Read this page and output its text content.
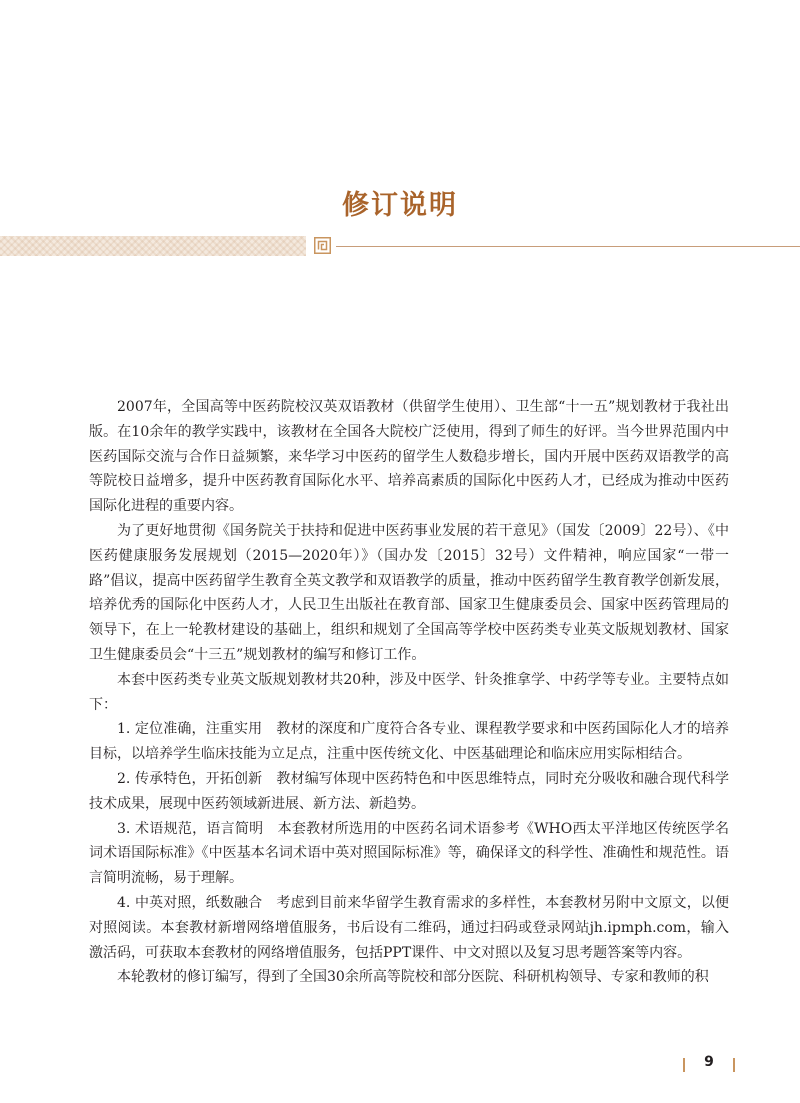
修订说明

2007年，全国高等中医药院校汉英双语教材（供留学生使用）、卫生部“十一五”规划教材于我社出版。在10余年的教学实践中，该教材在全国各大院校广泛使用，得到了师生的好评。当今世界范围内中医药国际交流与合作日益频繁，来华学习中医药的留学生人数稳步增长，国内开展中医药双语教学的高等院校日益增多，提升中医药教育国际化水平、培养高素质的国际化中医药人才，已经成为推动中医药国际化进程的重要内容。

为了更好地贯彻《国务院关于扶持和促进中医药事业发展的若干意见》（国发〔2009〕22号）、《中医药健康服务发展规划（2015—2020年）》（国办发〔2015〕32号）文件精神，响应国家“一带一路”倡议，提高中医药留学生教育全英文教学和双语教学的质量，推动中医药留学生教育教学创新发展，培养优秀的国际化中医药人才，人民卫生出版社在教育部、国家卫生健康委员会、国家中医药管理局的领导下，在上一轮教材建设的基础上，组织和规划了全国高等学校中医药类专业英文版规划教材、国家卫生健康委员会“十三五”规划教材的编写和修订工作。

本套中医药类专业英文版规划教材共20种，涉及中医学、针灸推拿学、中药学等专业。主要特点如下：

1. 定位准确，注重实用　教材的深度和广度符合各专业、课程教学要求和中医药国际化人才的培养目标，以培养学生临床技能为立足点，注重中医传统文化、中医基础理论和临床应用实际相结合。

2. 传承特色，开拓创新　教材编写体现中医药特色和中医思维特点，同时充分吸收和融合现代科学技术成果，展现中医药领域新进展、新方法、新趋势。

3. 术语规范，语言简明　本套教材所选用的中医药名词术语参考《WHO西太平洋地区传统医学名词术语国际标准》《中医基本名词术语中英对照国际标准》等，确保译文的科学性、准确性和规范性。语言简明流畅，易于理解。

4. 中英对照，纸数融合　考虑到目前来华留学生教育需求的多样性，本套教材另附中文原文，以便对照阅读。本套教材新增网络增值服务，书后设有二维码，通过扫码或登录网站jh.ipmph.com，输入激活码，可获取本套教材的网络增值服务，包括PPT课件、中文对照以及复习思考题答案等内容。

本轮教材的修订编写，得到了全国30余所高等院校和部分医院、科研机构领导、专家和教师的积

9
